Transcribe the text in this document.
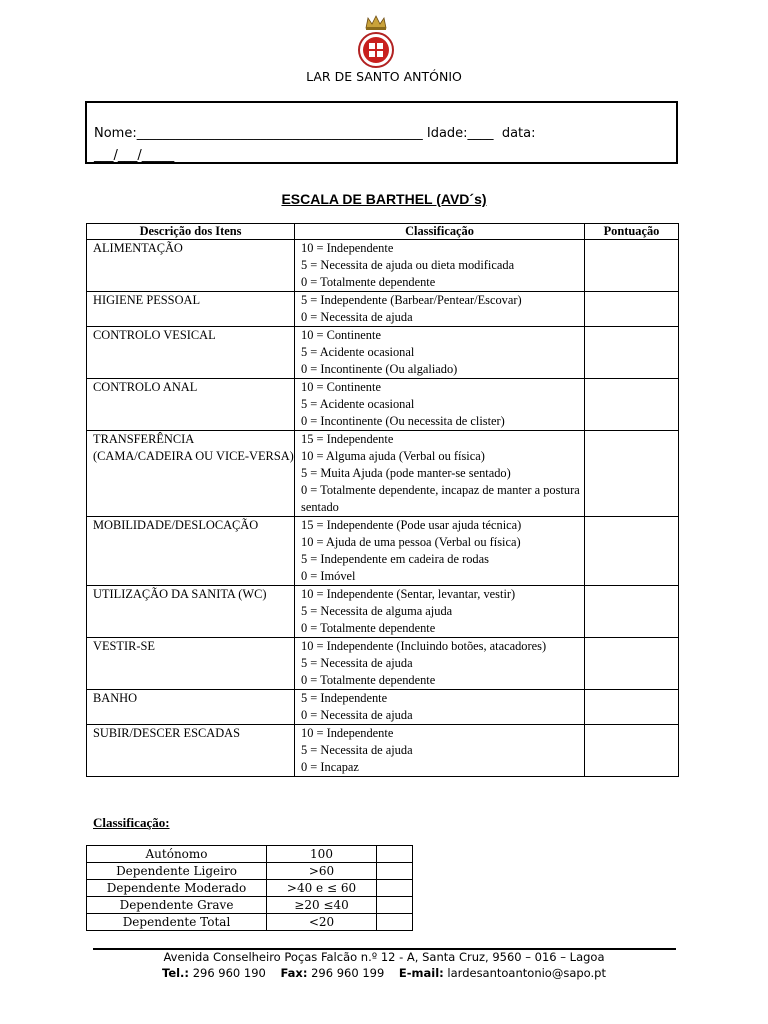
LAR DE SANTO ANTÓNIO
Nome:____________________________________________ Idade:____ data:
___/___/_____
ESCALA DE BARTHEL (AVD´s)
Descrição dos Itens	Classificação	Pontuação
ALIMENTAÇÃO	10 = Independente
5 = Necessita de ajuda ou dieta modificada
0 = Totalmente dependente	

HIGIENE PESSOAL	5 = Independente (Barbear/Pentear/Escovar)
0 = Necessita de ajuda	

CONTROLO VESICAL	10 = Continente
5 = Acidente ocasional
0 = Incontinente (Ou algaliado)	

CONTROLO ANAL	10 = Continente
5 = Acidente ocasional
0 = Incontinente (Ou necessita de clister)	

TRANSFERÊNCIA (CAMA/CADEIRA OU VICE-VERSA)	15 = Independente
10 = Alguma ajuda (Verbal ou física)
5 = Muita Ajuda (pode manter-se sentado)
0 = Totalmente dependente, incapaz de manter a postura sentado	

MOBILIDADE/DESLOCAÇÃO	15 = Independente (Pode usar ajuda técnica)
10 = Ajuda de uma pessoa (Verbal ou física)
5 = Independente em cadeira de rodas
0 = Imóvel	

UTILIZAÇÃO DA SANITA (WC)	10 = Independente (Sentar, levantar, vestir)
5 = Necessita de alguma ajuda
0 = Totalmente dependente	

VESTIR-SE	10 = Independente (Incluindo botões, atacadores)
5 = Necessita de ajuda
0 = Totalmente dependente	

BANHO	5 = Independente
0 = Necessita de ajuda	

SUBIR/DESCER ESCADAS	10 = Independente
5 = Necessita de ajuda
0 = Incapaz	

Classificação:
Autónomo	100	
Dependente Ligeiro	>60	
Dependente Moderado	>40 e ≤ 60	
Dependente Grave	≥20 ≤40	
Dependente Total	<20	
Avenida Conselheiro Poças Falcão n.º 12 - A, Santa Cruz, 9560 – 016 – Lagoa
Tel.: 296 960 190 Fax: 296 960 199 E-mail: lardesantoantonio@sapo.pt
